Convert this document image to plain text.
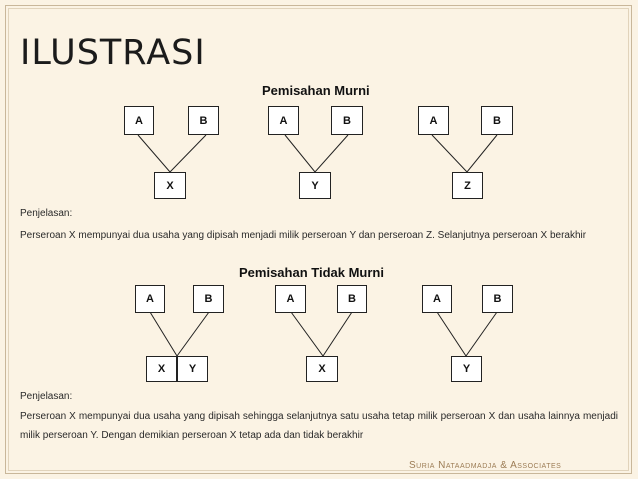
ILUSTRASI
Pemisahan Murni
A	B
X
A	B
Y
A	B
Z
Penjelasan:
Perseroan X mempunyai dua usaha yang dipisah menjadi milik perseroan Y dan perseroan Z. Selanjutnya perseroan X berakhir
Pemisahan Tidak Murni
A	B
X	Y
A	B
X
A	B
Y
Penjelasan:
Perseroan X mempunyai dua usaha yang dipisah sehingga selanjutnya satu usaha tetap milik perseroan X dan usaha lainnya menjadi milik perseroan Y. Dengan demikian perseroan X tetap ada dan tidak berakhir
Suria Nataadmadja & Associates
